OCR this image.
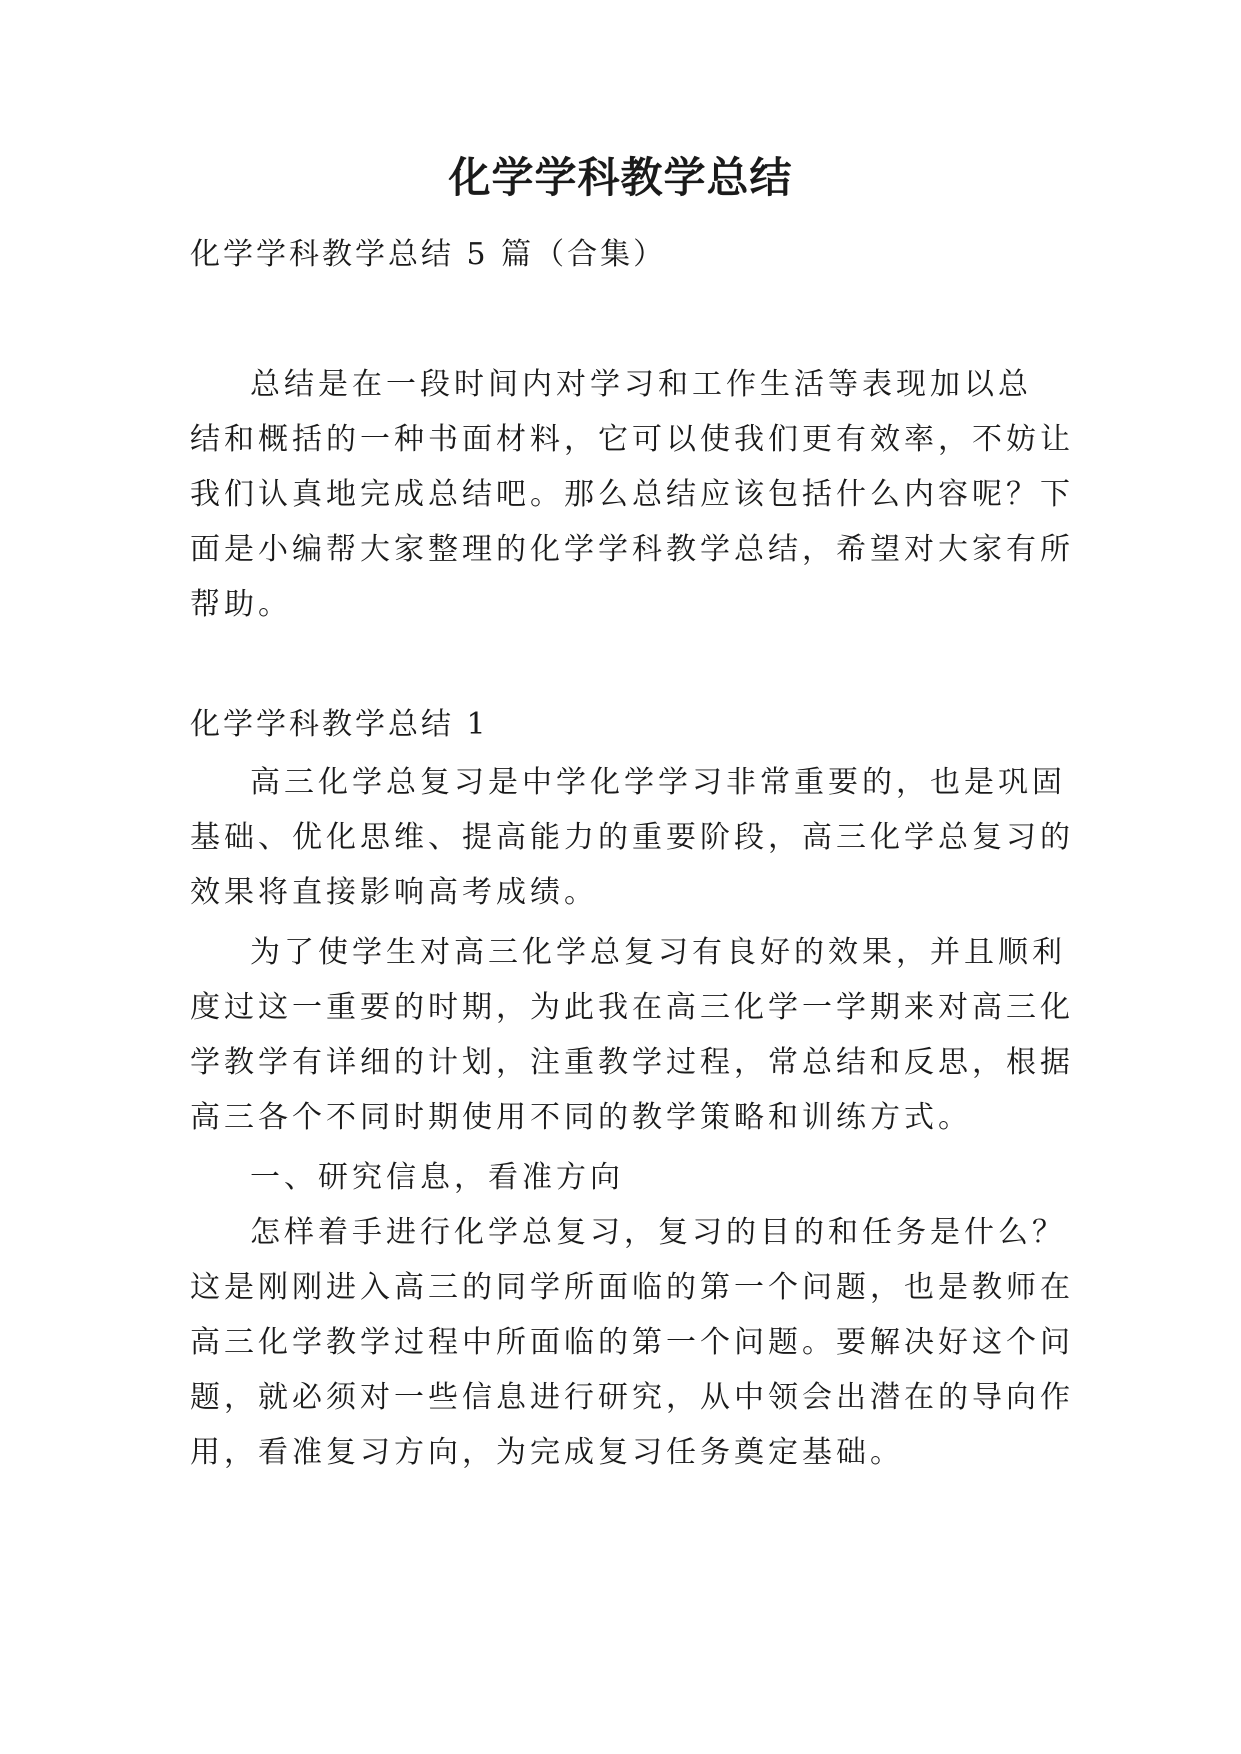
化学学科教学总结
化学学科教学总结 5 篇（合集）
总结是在一段时间内对学习和工作生活等表现加以总
结和概括的一种书面材料，它可以使我们更有效率，不妨让
我们认真地完成总结吧。那么总结应该包括什么内容呢？下
面是小编帮大家整理的化学学科教学总结，希望对大家有所
帮助。
化学学科教学总结 1
高三化学总复习是中学化学学习非常重要的，也是巩固
基础、优化思维、提高能力的重要阶段，高三化学总复习的
效果将直接影响高考成绩。
为了使学生对高三化学总复习有良好的效果，并且顺利
度过这一重要的时期，为此我在高三化学一学期来对高三化
学教学有详细的计划，注重教学过程，常总结和反思，根据
高三各个不同时期使用不同的教学策略和训练方式。
一、研究信息，看准方向
怎样着手进行化学总复习，复习的目的和任务是什么？
这是刚刚进入高三的同学所面临的第一个问题，也是教师在
高三化学教学过程中所面临的第一个问题。要解决好这个问
题，就必须对一些信息进行研究，从中领会出潜在的导向作
用，看准复习方向，为完成复习任务奠定基础。
